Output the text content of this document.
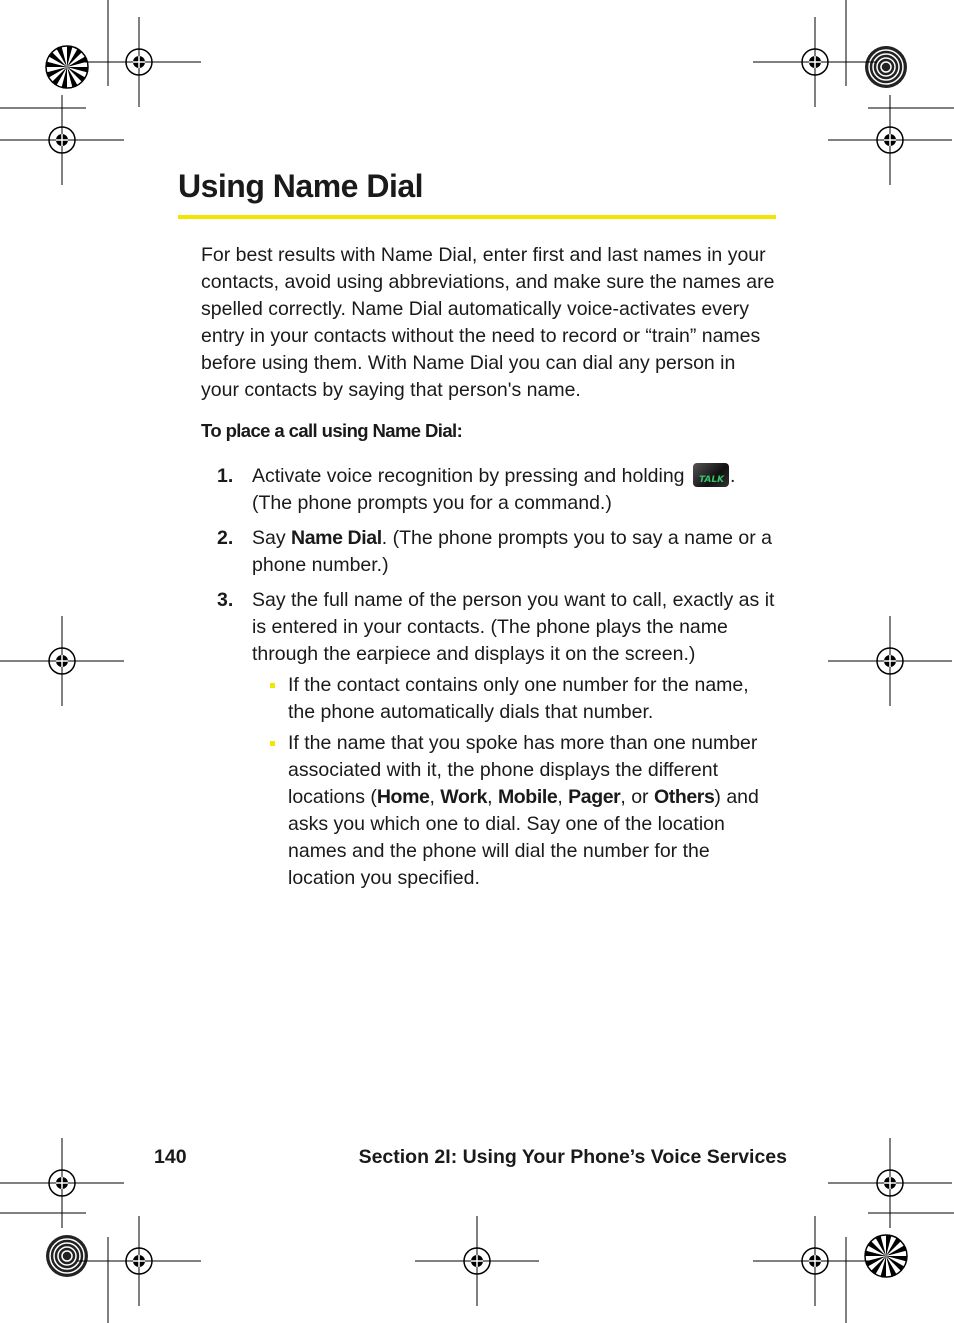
Using Name Dial

For best results with Name Dial, enter first and last names in your contacts, avoid using abbreviations, and make sure the names are spelled correctly. Name Dial automatically voice-activates every entry in your contacts without the need to record or “train” names before using them. With Name Dial you can dial any person in your contacts by saying that person's name.

To place a call using Name Dial:

1. Activate voice recognition by pressing and holding TALK . (The phone prompts you for a command.)
2. Say Name Dial. (The phone prompts you to say a name or a phone number.)
3. Say the full name of the person you want to call, exactly as it is entered in your contacts. (The phone plays the name through the earpiece and displays it on the screen.)
If the contact contains only one number for the name, the phone automatically dials that number.
If the name that you spoke has more than one number associated with it, the phone displays the different locations (Home, Work, Mobile, Pager, or Others) and asks you which one to dial. Say one of the location names and the phone will dial the number for the location you specified.
140	Section 2I: Using Your Phone’s Voice Services
